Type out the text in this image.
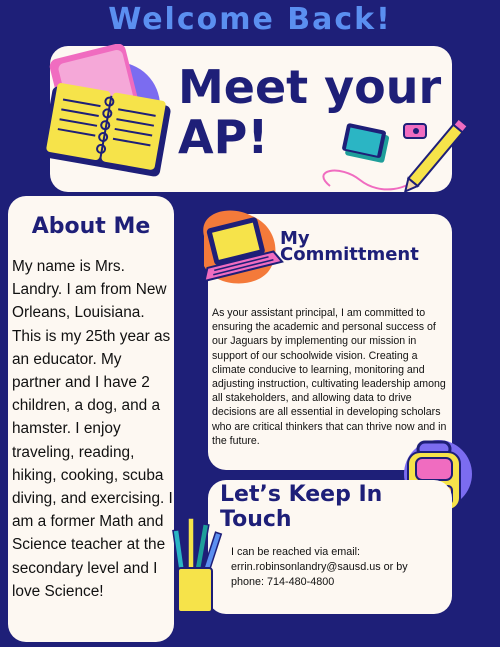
Welcome Back!
Meet your
AP!
About Me
My name is Mrs. Landry. I am from New Orleans, Louisiana. This is my 25th year as an educator. My partner and I have 2 children, a dog, and a hamster. I enjoy traveling, reading, hiking, cooking, scuba diving, and exercising. I am a former Math and Science teacher at the secondary level and I love Science!
My
Committment
As your assistant principal, I am committed to ensuring the academic and personal success of our Jaguars by implementing our mission in support of our schoolwide vision. Creating a climate conducive to learning, monitoring and adjusting instruction, cultivating leadership among all stakeholders, and allowing data to drive decisions are all essential in developing scholars who are critical thinkers that can thrive now and in the future.
Let’s Keep In
Touch
I can be reached via email:
errin.robinsonlandry@sausd.us or by
phone: 714-480-4800
